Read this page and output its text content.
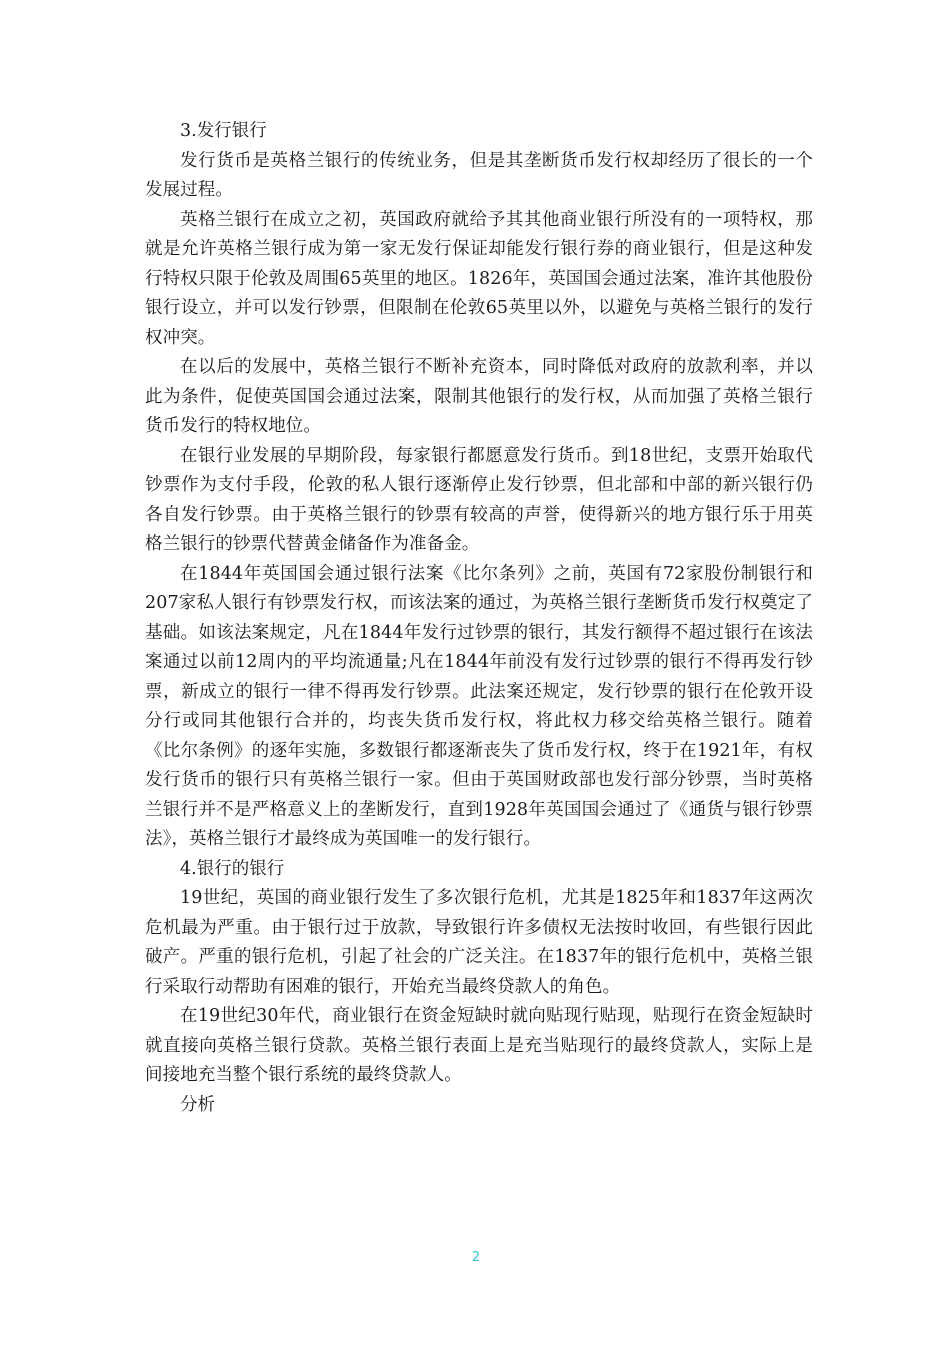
3.发行银行

发行货币是英格兰银行的传统业务，但是其垄断货币发行权却经历了很长的一个发展过程。

英格兰银行在成立之初，英国政府就给予其其他商业银行所没有的一项特权，那就是允许英格兰银行成为第一家无发行保证却能发行银行券的商业银行，但是这种发行特权只限于伦敦及周围65英里的地区。1826年，英国国会通过法案，准许其他股份银行设立，并可以发行钞票，但限制在伦敦65英里以外，以避免与英格兰银行的发行权冲突。

在以后的发展中，英格兰银行不断补充资本，同时降低对政府的放款利率，并以此为条件，促使英国国会通过法案，限制其他银行的发行权，从而加强了英格兰银行货币发行的特权地位。

在银行业发展的早期阶段，每家银行都愿意发行货币。到18世纪，支票开始取代钞票作为支付手段，伦敦的私人银行逐渐停止发行钞票，但北部和中部的新兴银行仍各自发行钞票。由于英格兰银行的钞票有较高的声誉，使得新兴的地方银行乐于用英格兰银行的钞票代替黄金储备作为准备金。

在1844年英国国会通过银行法案《比尔条列》之前，英国有72家股份制银行和207家私人银行有钞票发行权，而该法案的通过，为英格兰银行垄断货币发行权奠定了基础。如该法案规定，凡在1844年发行过钞票的银行，其发行额得不超过银行在该法案通过以前12周内的平均流通量;凡在1844年前没有发行过钞票的银行不得再发行钞票，新成立的银行一律不得再发行钞票。此法案还规定，发行钞票的银行在伦敦开设分行或同其他银行合并的，均丧失货币发行权，将此权力移交给英格兰银行。随着《比尔条例》的逐年实施，多数银行都逐渐丧失了货币发行权，终于在1921年，有权发行货币的银行只有英格兰银行一家。但由于英国财政部也发行部分钞票，当时英格兰银行并不是严格意义上的垄断发行，直到1928年英国国会通过了《通货与银行钞票法》，英格兰银行才最终成为英国唯一的发行银行。

4.银行的银行

19世纪，英国的商业银行发生了多次银行危机，尤其是1825年和1837年这两次危机最为严重。由于银行过于放款，导致银行许多债权无法按时收回，有些银行因此破产。严重的银行危机，引起了社会的广泛关注。在1837年的银行危机中，英格兰银行采取行动帮助有困难的银行，开始充当最终贷款人的角色。

在19世纪30年代，商业银行在资金短缺时就向贴现行贴现，贴现行在资金短缺时就直接向英格兰银行贷款。英格兰银行表面上是充当贴现行的最终贷款人，实际上是间接地充当整个银行系统的最终贷款人。

分析

2
